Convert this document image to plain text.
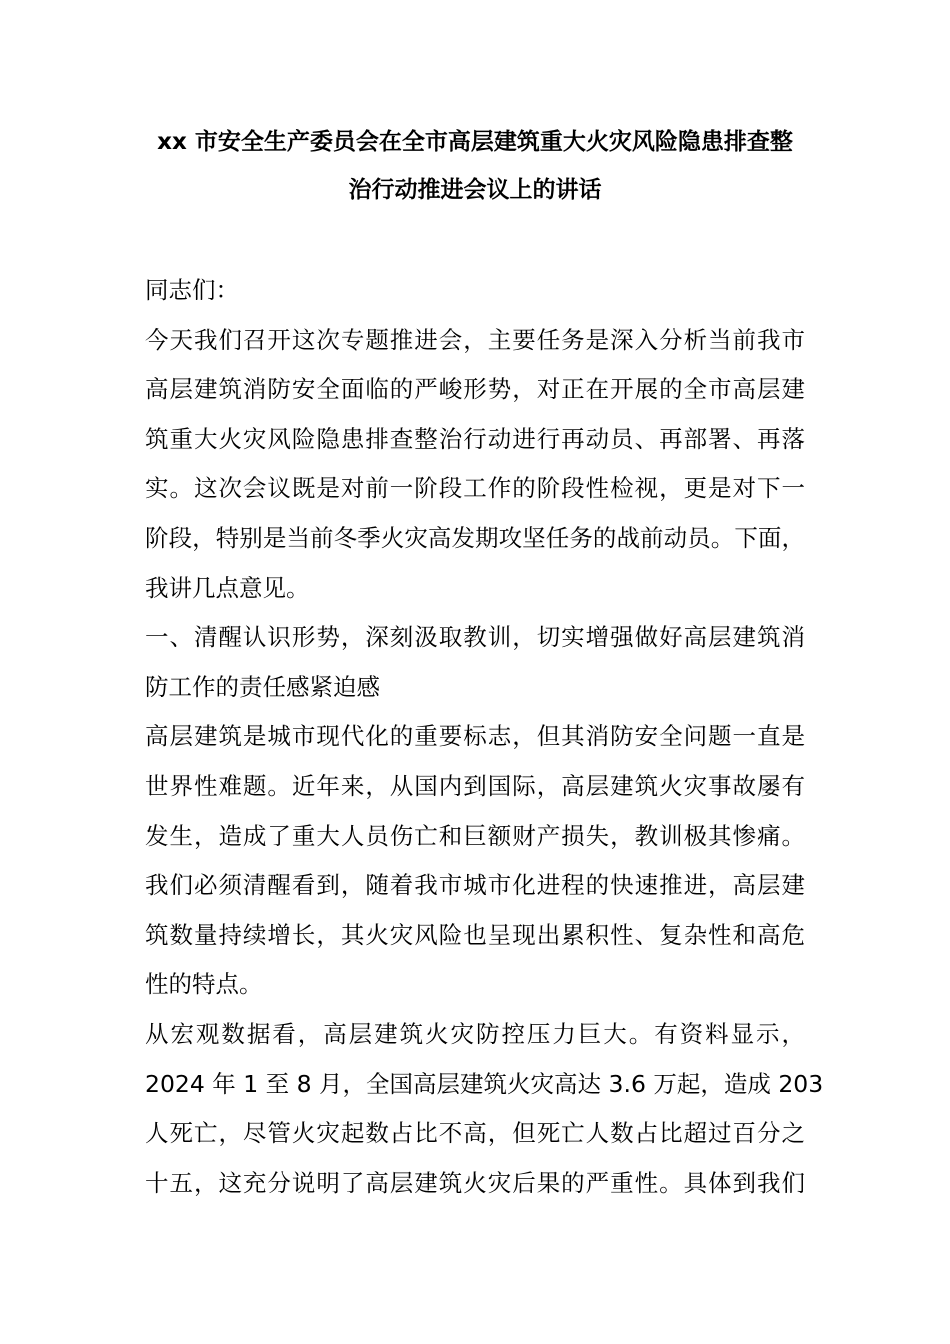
xx 市安全生产委员会在全市高层建筑重大火灾风险隐患排查整
治行动推进会议上的讲话
同志们：
今天我们召开这次专题推进会，主要任务是深入分析当前我市
高层建筑消防安全面临的严峻形势，对正在开展的全市高层建
筑重大火灾风险隐患排查整治行动进行再动员、再部署、再落
实。这次会议既是对前一阶段工作的阶段性检视，更是对下一
阶段，特别是当前冬季火灾高发期攻坚任务的战前动员。下面，
我讲几点意见。
一、清醒认识形势，深刻汲取教训，切实增强做好高层建筑消
防工作的责任感紧迫感
高层建筑是城市现代化的重要标志，但其消防安全问题一直是
世界性难题。近年来，从国内到国际，高层建筑火灾事故屡有
发生，造成了重大人员伤亡和巨额财产损失，教训极其惨痛。
我们必须清醒看到，随着我市城市化进程的快速推进，高层建
筑数量持续增长，其火灾风险也呈现出累积性、复杂性和高危
性的特点。
从宏观数据看，高层建筑火灾防控压力巨大。有资料显示，
2024 年 1 至 8 月，全国高层建筑火灾高达 3.6 万起，造成 203
人死亡，尽管火灾起数占比不高，但死亡人数占比超过百分之
十五，这充分说明了高层建筑火灾后果的严重性。具体到我们
